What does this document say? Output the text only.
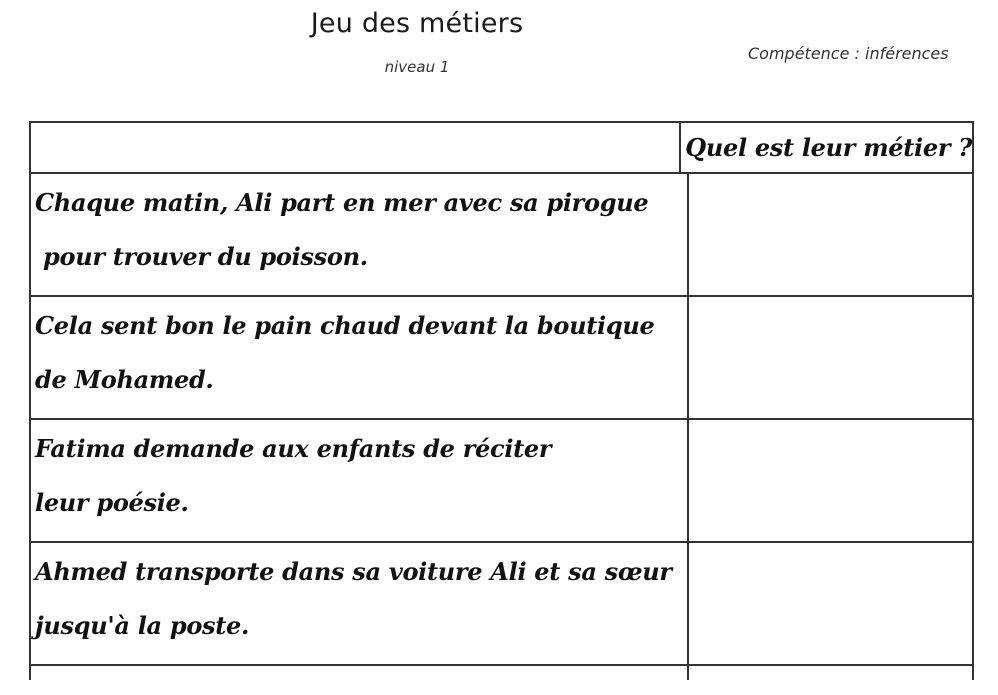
Jeu des métiers
niveau 1
Compétence : inférences
Quel est leur métier ?
Chaque matin, Ali part en mer avec sa pirogue
pour trouver du poisson.
Cela sent bon le pain chaud devant la boutique
de Mohamed.
Fatima demande aux enfants de réciter
leur poésie.
Ahmed transporte dans sa voiture Ali et sa sœur
jusqu'à la poste.
